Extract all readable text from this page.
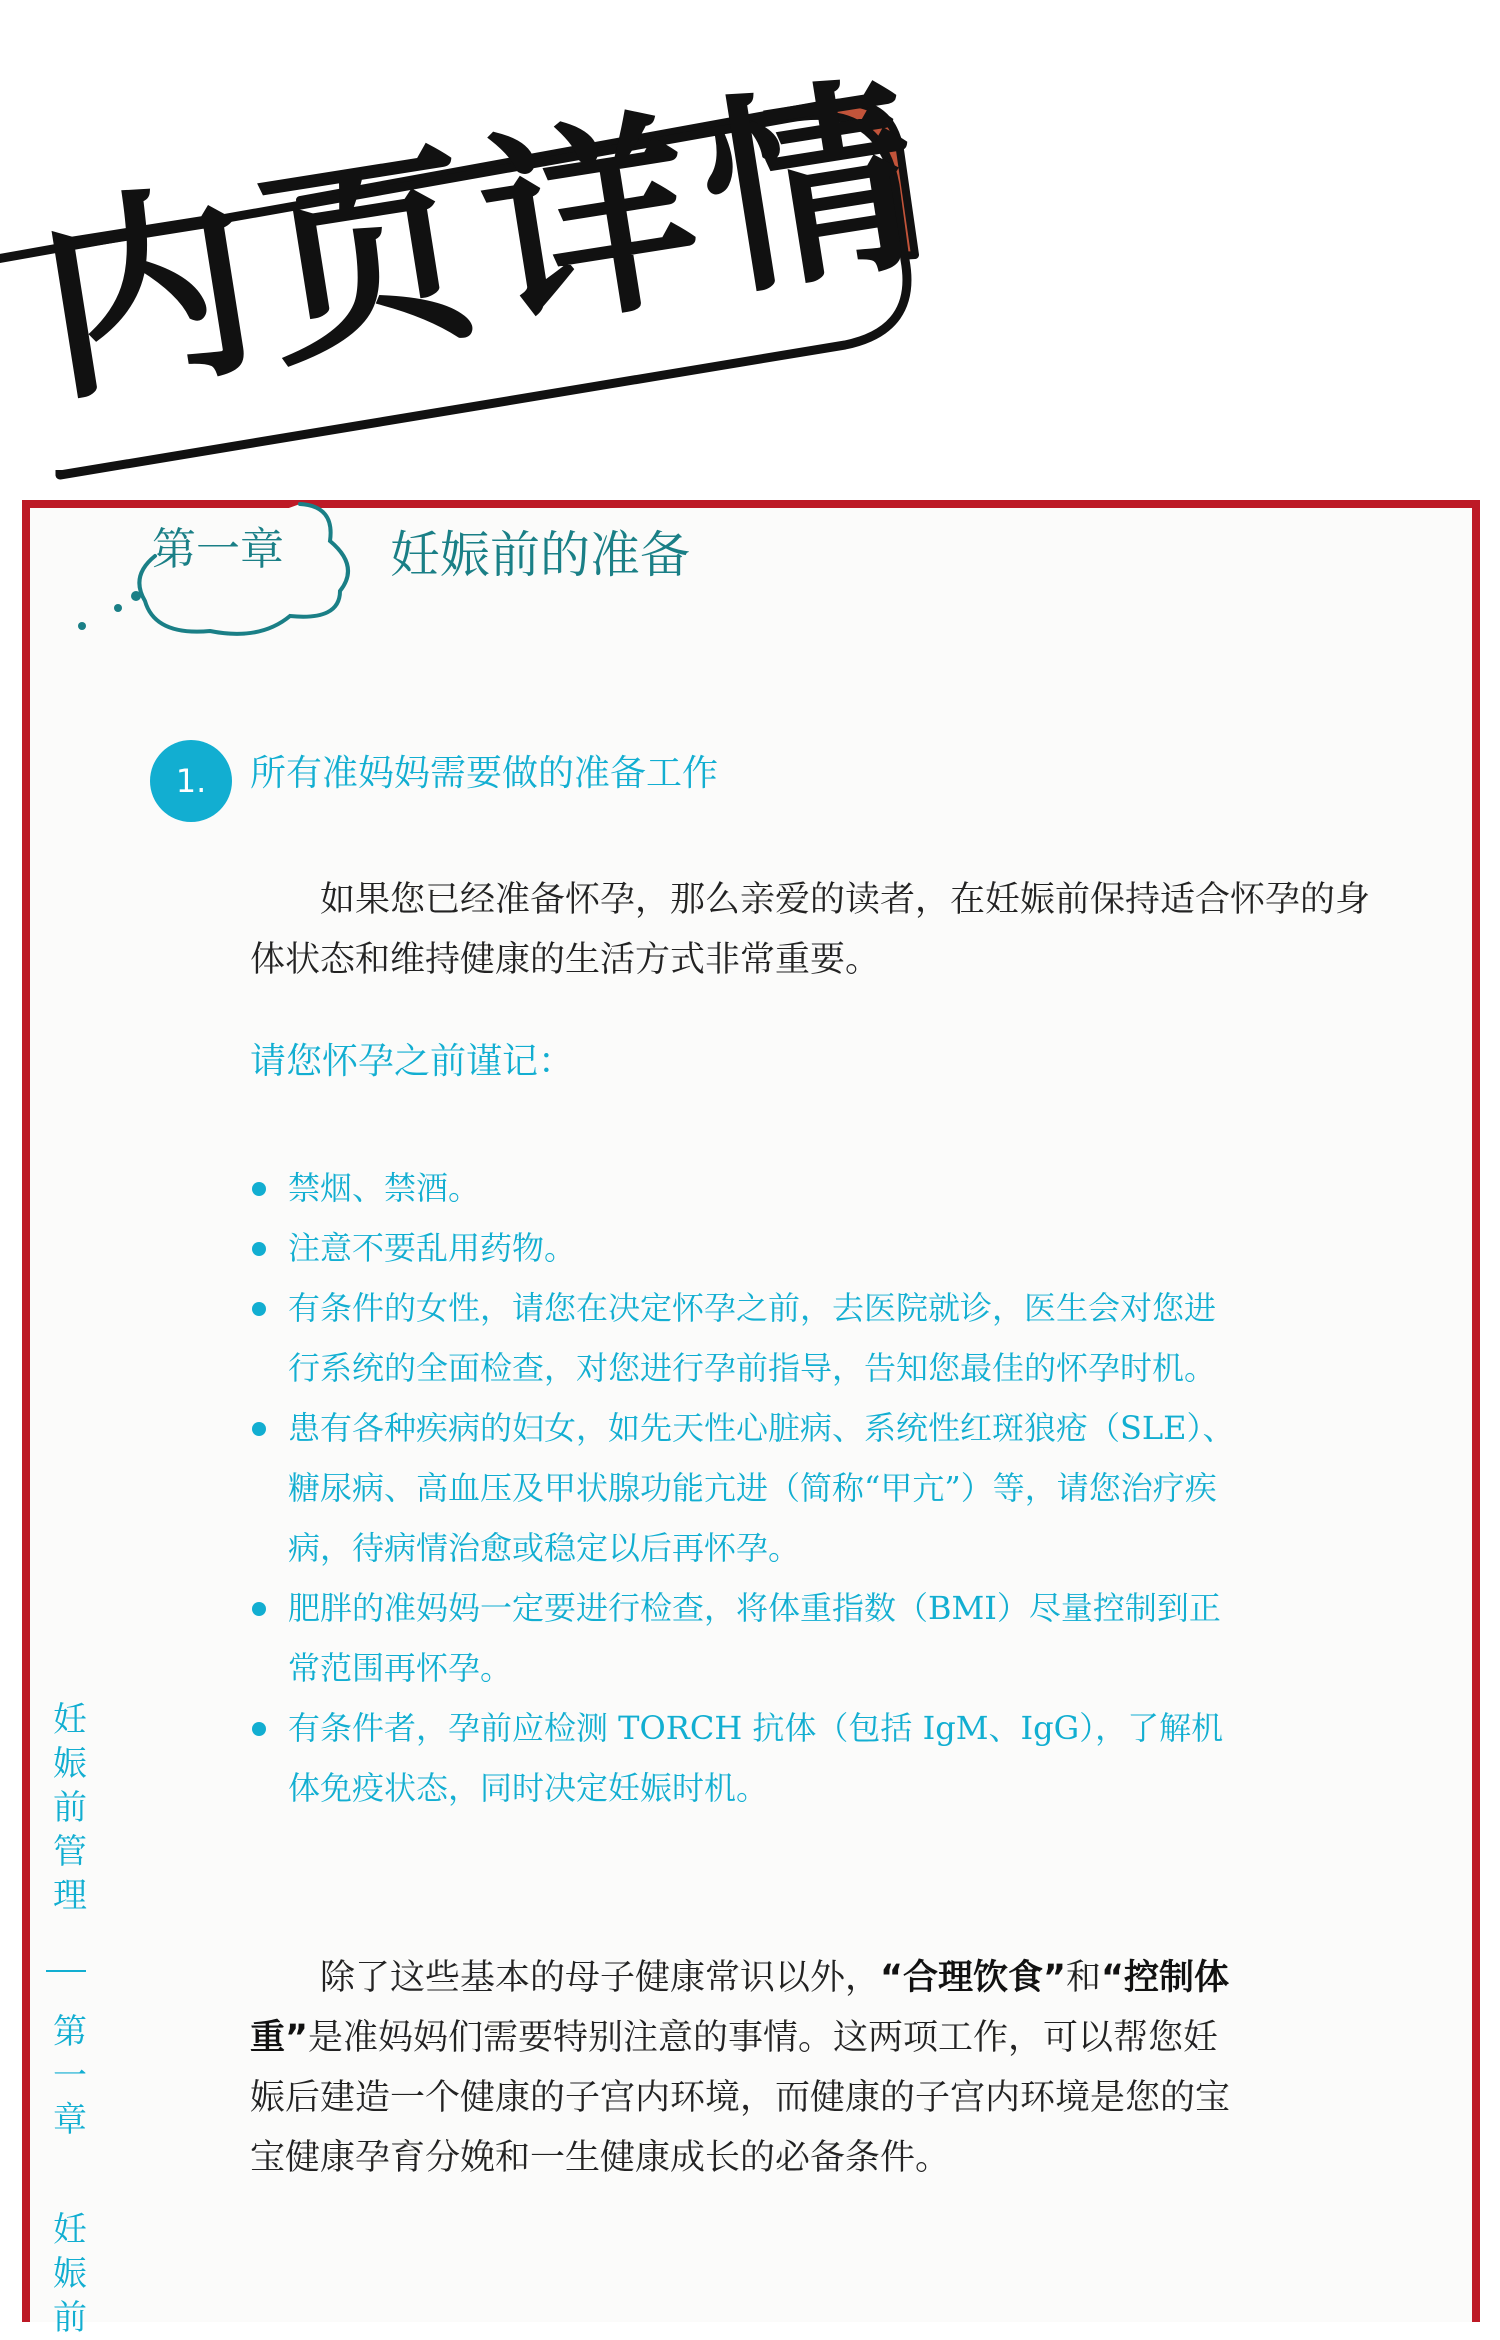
内页详情
第一章 妊娠前的准备
1.	所有准妈妈需要做的准备工作

如果您已经准备怀孕，那么亲爱的读者，在妊娠前保持适合怀孕的身体状态和维持健康的生活方式非常重要。

请您怀孕之前谨记：
禁烟、禁酒。
注意不要乱用药物。
有条件的女性，请您在决定怀孕之前，去医院就诊，医生会对您进行系统的全面检查，对您进行孕前指导，告知您最佳的怀孕时机。
患有各种疾病的妇女，如先天性心脏病、系统性红斑狼疮（SLE）、糖尿病、高血压及甲状腺功能亢进（简称“甲亢”）等，请您治疗疾病，待病情治愈或稳定以后再怀孕。
肥胖的准妈妈一定要进行检查，将体重指数（BMI）尽量控制到正常范围再怀孕。
有条件者，孕前应检测 TORCH 抗体（包括 IgM、IgG），了解机体免疫状态，同时决定妊娠时机。

除了这些基本的母子健康常识以外，“合理饮食”和“控制体重”是准妈妈们需要特别注意的事情。这两项工作，可以帮您妊娠后建造一个健康的子宫内环境，而健康的子宫内环境是您的宝宝健康孕育分娩和一生健康成长的必备条件。

妊
娠
前
管
理
第
一
章
妊
娠
前
